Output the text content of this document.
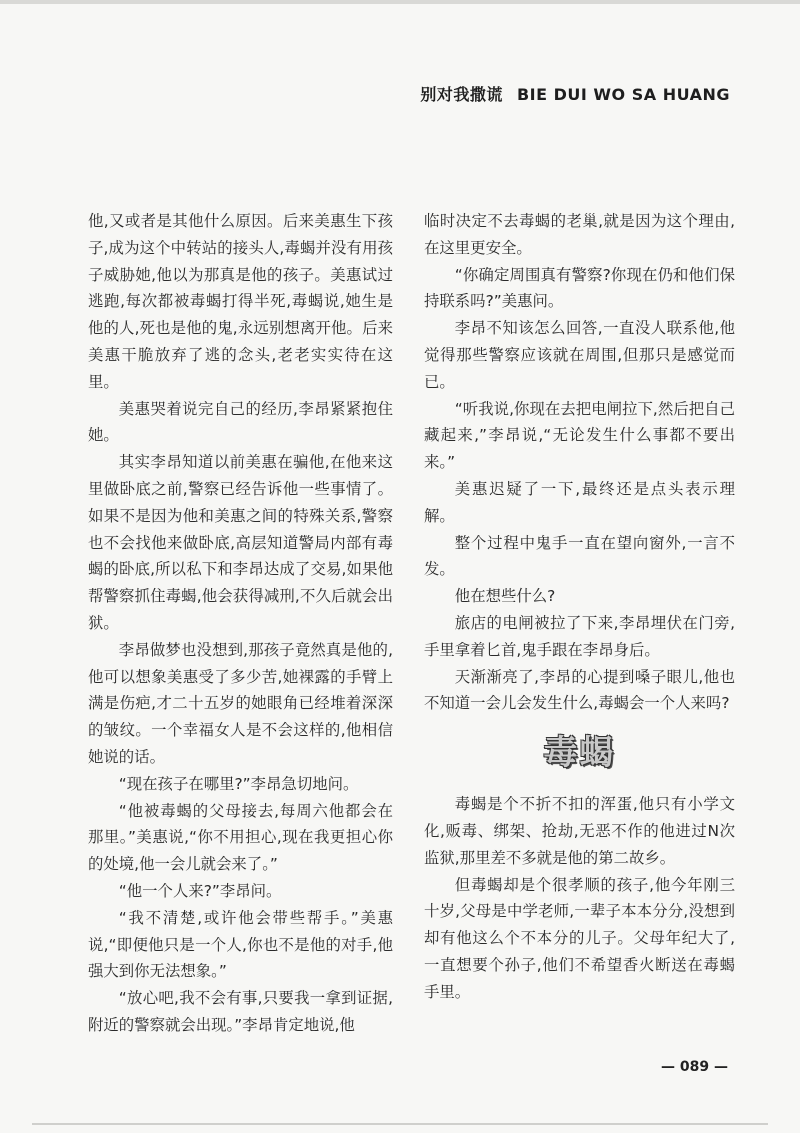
别对我撒谎 BIE DUI WO SA HUANG

他,又或者是其他什么原因。后来美惠生下孩子,成为这个中转站的接头人,毒蝎并没有用孩子威胁她,他以为那真是他的孩子。美惠试过逃跑,每次都被毒蝎打得半死,毒蝎说,她生是他的人,死也是他的鬼,永远别想离开他。后来美惠干脆放弃了逃的念头,老老实实待在这里。

美惠哭着说完自己的经历,李昂紧紧抱住她。

其实李昂知道以前美惠在骗他,在他来这里做卧底之前,警察已经告诉他一些事情了。如果不是因为他和美惠之间的特殊关系,警察也不会找他来做卧底,高层知道警局内部有毒蝎的卧底,所以私下和李昂达成了交易,如果他帮警察抓住毒蝎,他会获得减刑,不久后就会出狱。

李昂做梦也没想到,那孩子竟然真是他的,他可以想象美惠受了多少苦,她裸露的手臂上满是伤疤,才二十五岁的她眼角已经堆着深深的皱纹。一个幸福女人是不会这样的,他相信她说的话。

“现在孩子在哪里?”李昂急切地问。

“他被毒蝎的父母接去,每周六他都会在那里。”美惠说,“你不用担心,现在我更担心你的处境,他一会儿就会来了。”

“他一个人来?”李昂问。

“我不清楚,或许他会带些帮手。”美惠说,“即便他只是一个人,你也不是他的对手,他强大到你无法想象。”

“放心吧,我不会有事,只要我一拿到证据,附近的警察就会出现。”李昂肯定地说,他

临时决定不去毒蝎的老巢,就是因为这个理由,在这里更安全。

“你确定周围真有警察?你现在仍和他们保持联系吗?”美惠问。

李昂不知该怎么回答,一直没人联系他,他觉得那些警察应该就在周围,但那只是感觉而已。

“听我说,你现在去把电闸拉下,然后把自己藏起来,”李昂说,“无论发生什么事都不要出来。”

美惠迟疑了一下,最终还是点头表示理解。

整个过程中鬼手一直在望向窗外,一言不发。

他在想些什么?

旅店的电闸被拉了下来,李昂埋伏在门旁,手里拿着匕首,鬼手跟在李昂身后。

天渐渐亮了,李昂的心提到嗓子眼儿,他也不知道一会儿会发生什么,毒蝎会一个人来吗?

毒蝎

毒蝎是个不折不扣的浑蛋,他只有小学文化,贩毒、绑架、抢劫,无恶不作的他进过N次监狱,那里差不多就是他的第二故乡。

但毒蝎却是个很孝顺的孩子,他今年刚三十岁,父母是中学老师,一辈子本本分分,没想到却有他这么个不本分的儿子。父母年纪大了,一直想要个孙子,他们不希望香火断送在毒蝎手里。

— 089 —
